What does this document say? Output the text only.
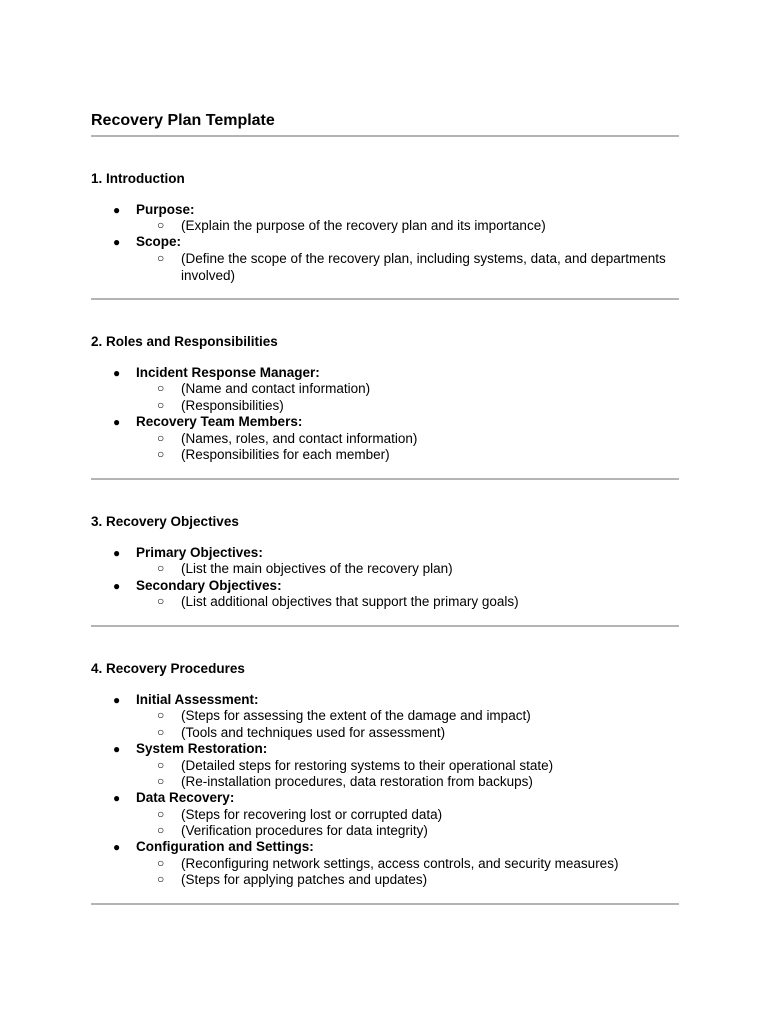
Recovery Plan Template
1. Introduction
● Purpose:
○ (Explain the purpose of the recovery plan and its importance)
● Scope:
○ (Define the scope of the recovery plan, including systems, data, and departments
involved)
2. Roles and Responsibilities
● Incident Response Manager:
○ (Name and contact information)
○ (Responsibilities)
● Recovery Team Members:
○ (Names, roles, and contact information)
○ (Responsibilities for each member)
3. Recovery Objectives
● Primary Objectives:
○ (List the main objectives of the recovery plan)
● Secondary Objectives:
○ (List additional objectives that support the primary goals)
4. Recovery Procedures
● Initial Assessment:
○ (Steps for assessing the extent of the damage and impact)
○ (Tools and techniques used for assessment)
● System Restoration:
○ (Detailed steps for restoring systems to their operational state)
○ (Re-installation procedures, data restoration from backups)
● Data Recovery:
○ (Steps for recovering lost or corrupted data)
○ (Verification procedures for data integrity)
● Configuration and Settings:
○ (Reconfiguring network settings, access controls, and security measures)
○ (Steps for applying patches and updates)
